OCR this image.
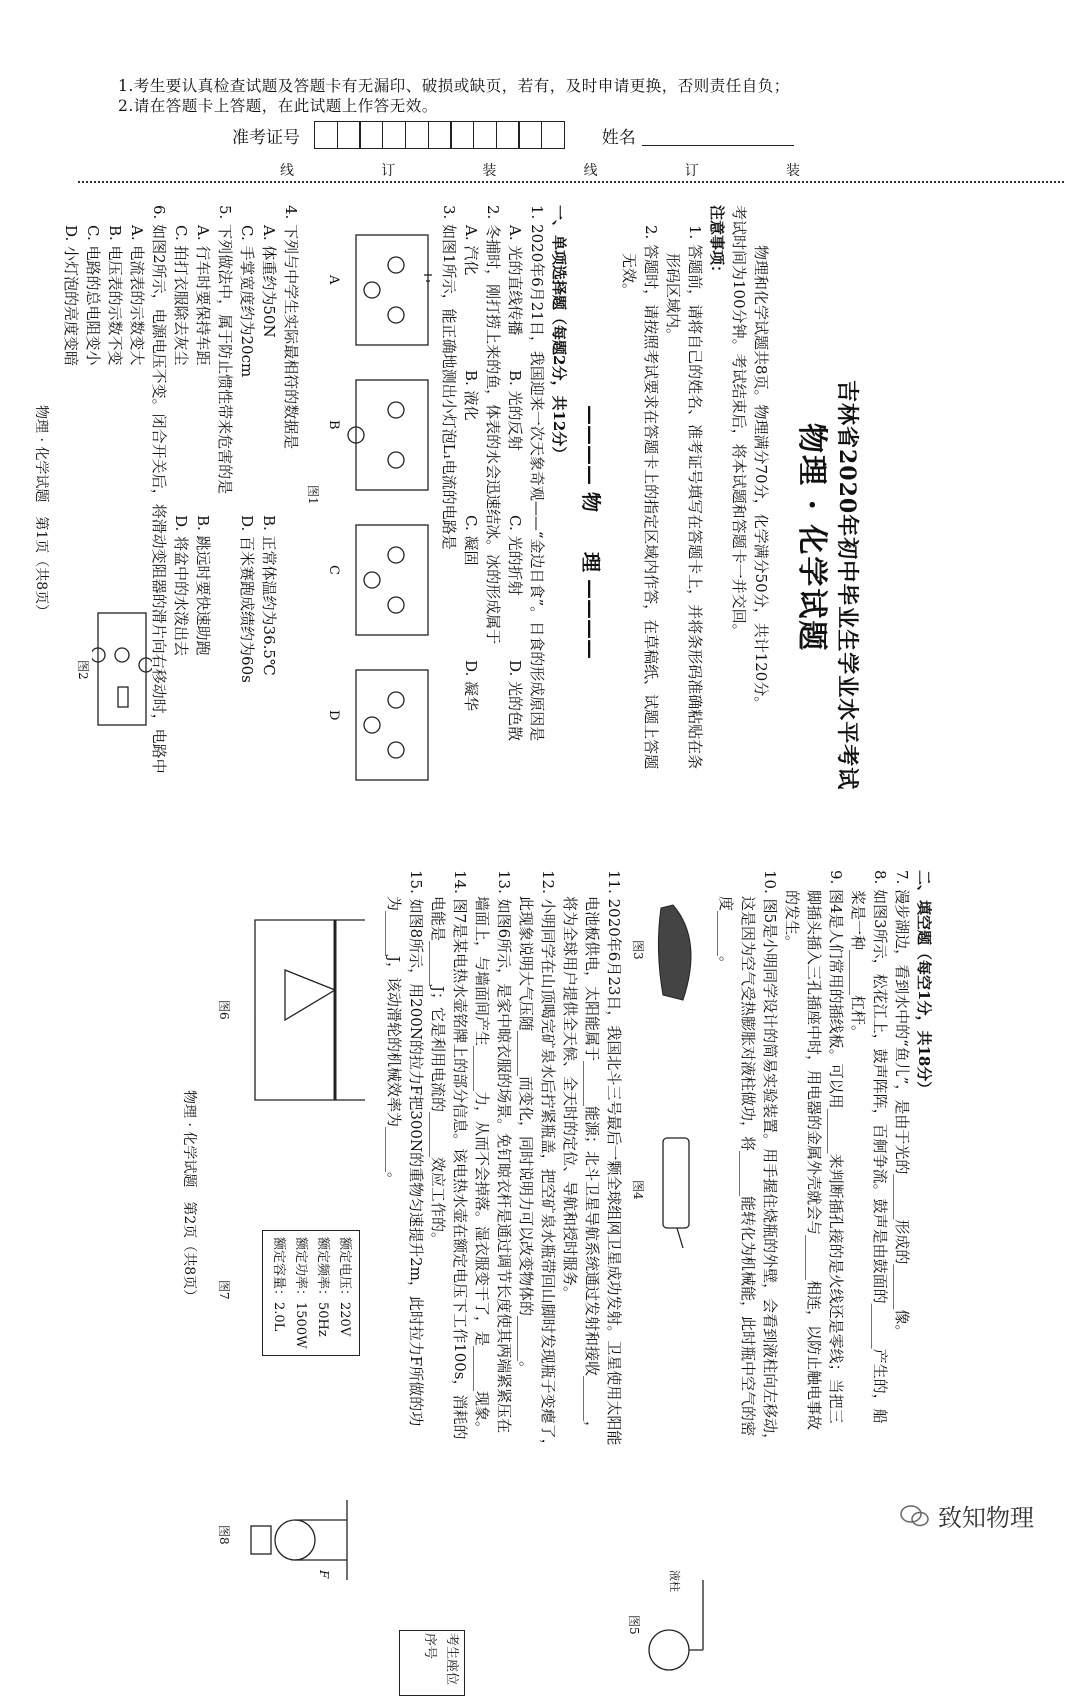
1.考生要认真检查试题及答题卡有无漏印、破损或缺页，若有，及时申请更换，否则责任自负；
2.请在答题卡上答题，在此试题上作答无效。
准考证号	姓名
线	订	装	线	订	装
吉林省2020年初中毕业生学业水平考试
物理 · 化学试题
物理和化学试题共8页。物理满分70分，化学满分50分，共计120分。
考试时间为100分钟。考试结束后，将本试题和答题卡一并交回。
注意事项：
1. 答题前，请将自己的姓名、准考证号填写在答题卡上，并将条形码准确粘贴在条
形码区域内。
2. 答题时，请按照考试要求在答题卡上的指定区域内作答，在草稿纸、试题上答题
无效。
———— 物　　理 ————
一、单项选择题（每题2分，共12分）
1. 2020年6月21日，我国迎来一次天象奇观——“金边日食”。日食的形成原因是
A. 光的直线传播
B. 光的反射
C. 光的折射
D. 光的色散
2. 冬捕时，刚打捞上来的鱼，体表的水会迅速结冰。冰的形成属于
A. 汽化
B. 液化
C. 凝固
D. 凝华
3. 如图1所示，能正确地测出小灯泡L₁电流的电路是
A
B
C
D
图1
4. 下列与中学生实际最相符的数据是
A. 体重约为50N
B. 正常体温约为36.5℃
C. 手掌宽度约为20cm
D. 百米赛跑成绩约为60s
5. 下列做法中，属于防止惯性带来危害的是
A. 行车时要保持车距
B. 跳远时要快速助跑
C. 拍打衣服除去灰尘
D. 将盆中的水泼出去
6. 如图2所示，电源电压不变。闭合开关后，将滑动变阻器的滑片向右移动时，电路中
A. 电流表的示数变大
B. 电压表的示数不变
C. 电路的总电阻变小
D. 小灯泡的亮度变暗
图2
物理 · 化学试题　第1页（共8页）
二、填空题（每空1分，共18分）
7. 漫步湖边，看到水中的“鱼儿”，是由于光的______形成的______像。
8. 如图3所示，松花江上，鼓声阵阵，百舸争流。鼓声是由鼓面的______产生的，船
桨是一种______杠杆。
9. 图4是人们常用的插线板。可以用______来判断插孔接的是火线还是零线；当把三
脚插头插入三孔插座中时，用电器的金属外壳就会与______相连，以防止触电事故
的发生。
10. 图5是小明同学设计的简易实验装置。用手握住烧瓶的外壁，会看到液柱向左移动，
这是因为空气受热膨胀对液柱做功，将______能转化为机械能，此时瓶中空气的密
度______。
图3
图4
液柱
图5
11. 2020年6月23日，我国北斗三号最后一颗全球组网卫星成功发射。卫星使用太阳能
电池板供电，太阳能属于______能源；北斗卫星导航系统通过发射和接收______，
将为全球用户提供全天候、全天时的定位、导航和授时服务。
12. 小明同学在山顶喝完矿泉水后拧紧瓶盖，把空矿泉水瓶带回山脚时发现瓶子变瘪了，
此现象说明大气压随______而变化，同时说明力可以改变物体的______。
13. 如图6所示，是家中晾衣服的场景。免钉晾衣杆是通过调节长度使其两端紧紧压在
墙面上，与墙面间产生______力，从而不会掉落。湿衣服变干了，是______现象。
14. 图7是某电热水壶铭牌上的部分信息。该电热水壶在额定电压下工作100s，消耗的
电能是______J；它是利用电流的______效应工作的。
15. 如图8所示，用200N的拉力F把300N的重物匀速提升2m，此时拉力F所做的功
为______J，该动滑轮的机械效率为______。
图6
额定电压：220V
额定频率：50Hz
额定功率：1500W
额定容量：2.0L
图7
F
图8
考生座位序号
物理 · 化学试题　第2页（共8页）
致知物理
